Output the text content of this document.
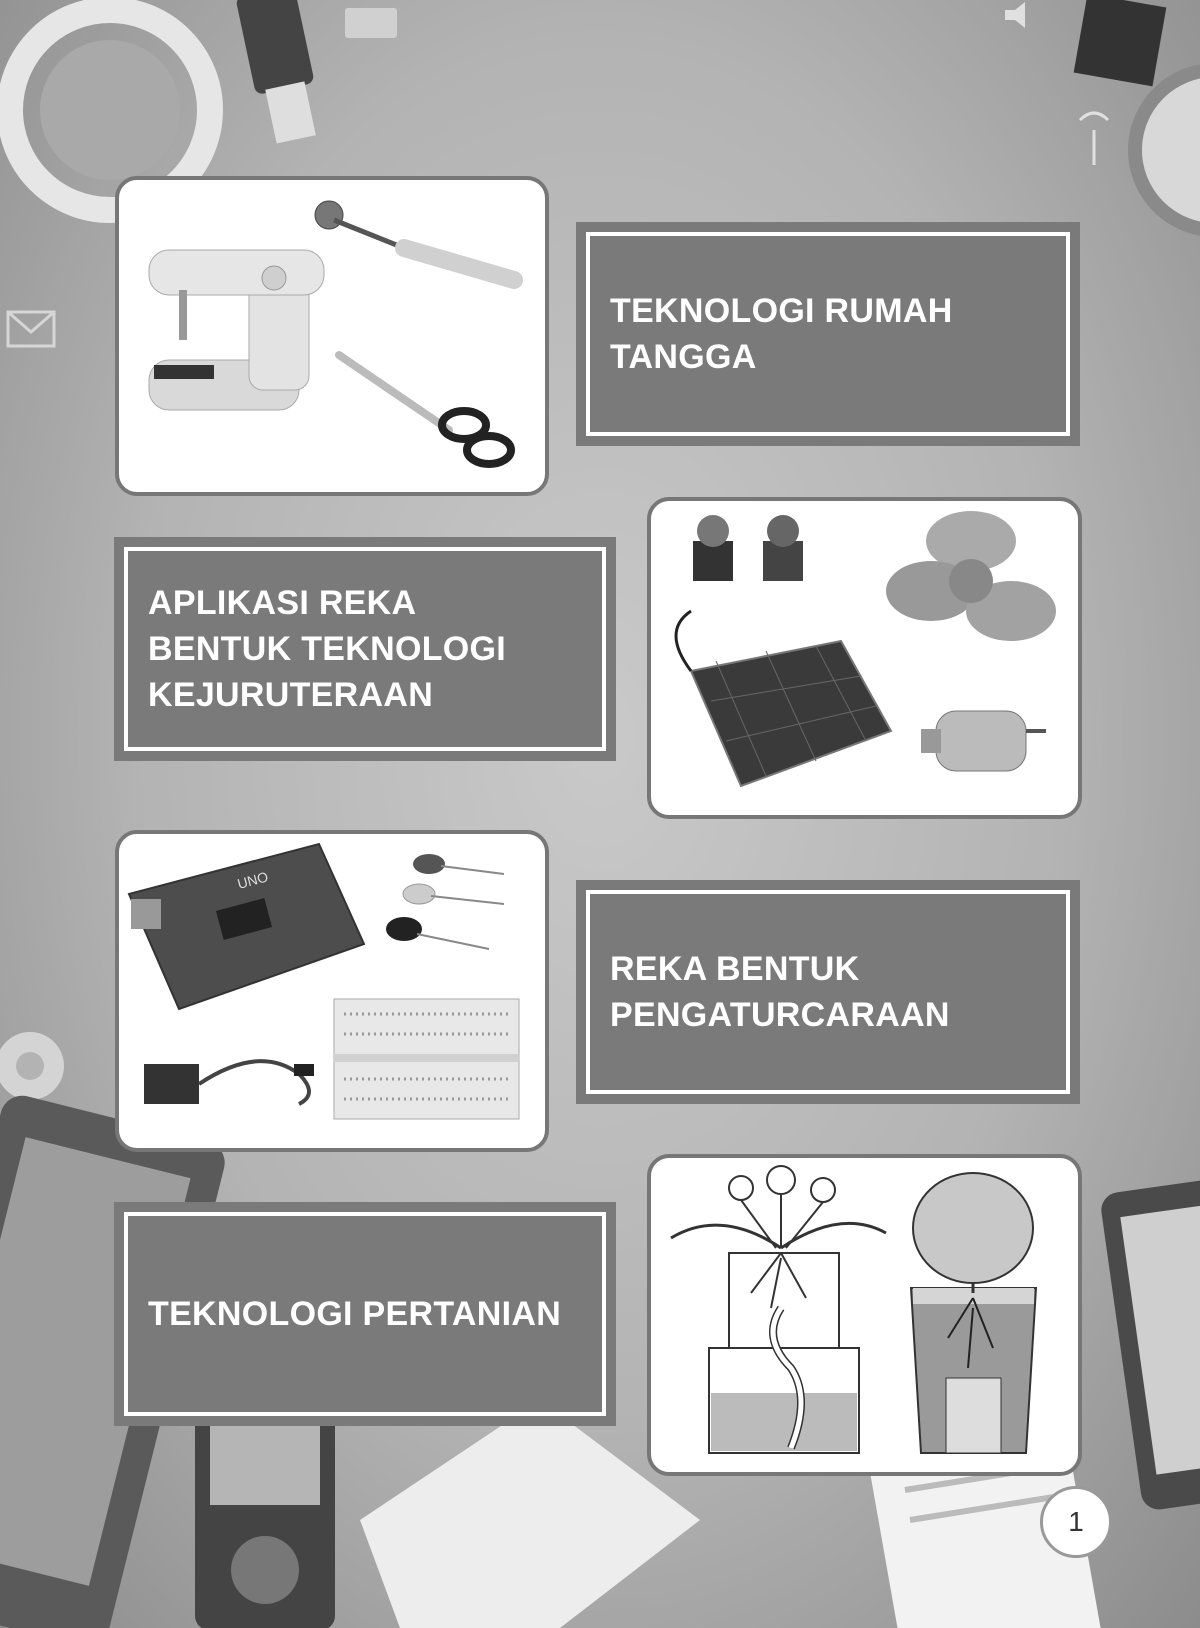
TEKNOLOGI RUMAH
TANGGA
APLIKASI REKA
BENTUK TEKNOLOGI
KEJURUTERAAN
UNO
REKA BENTUK
PENGATURCARAAN
TEKNOLOGI PERTANIAN
1
